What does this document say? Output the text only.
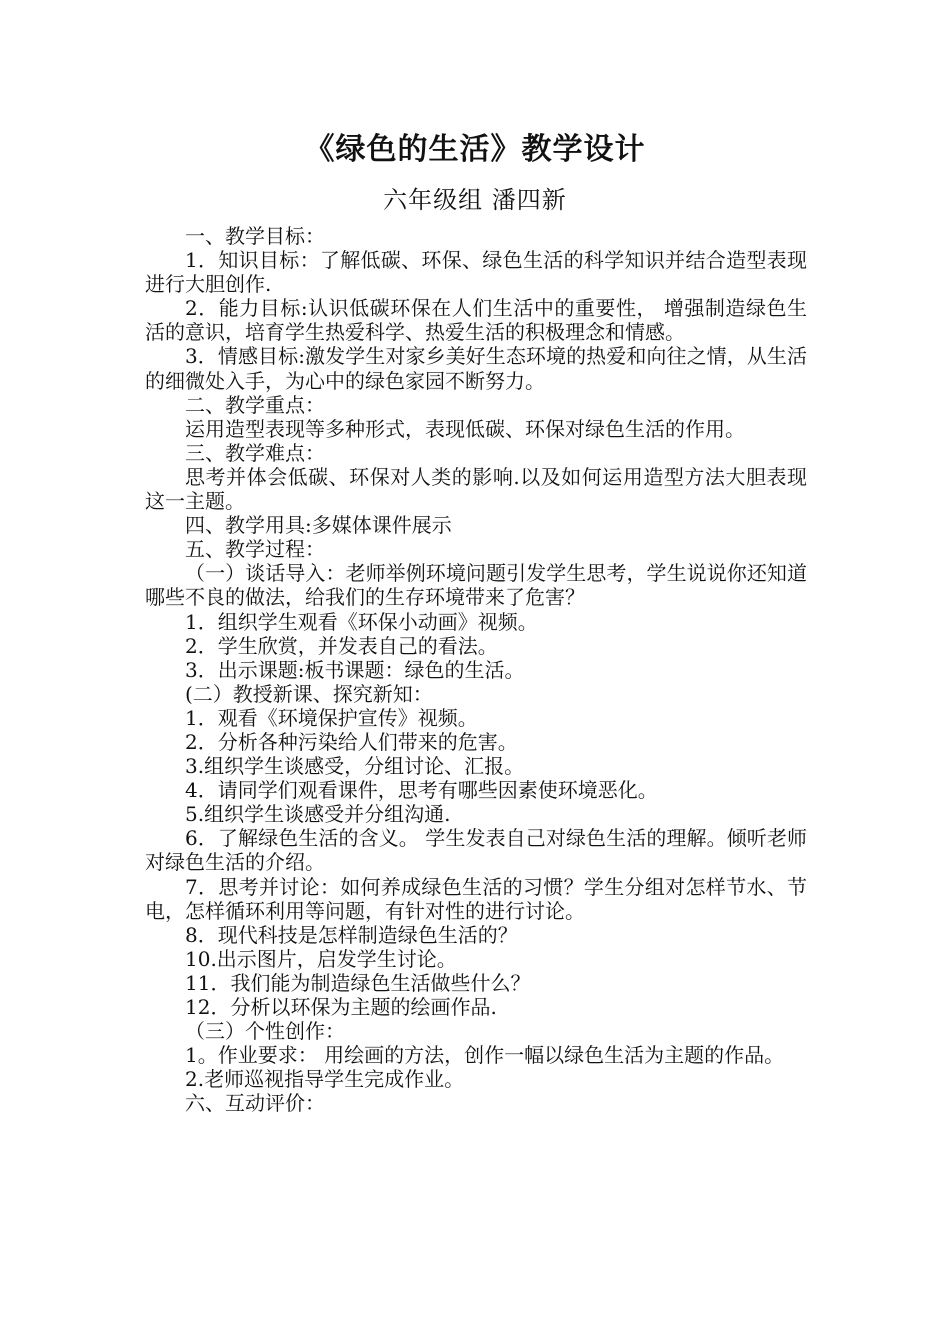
《绿色的生活》教学设计
六年级组 潘四新

一、教学目标：

1．知识目标：了解低碳、环保、绿色生活的科学知识并结合造型表现进行大胆创作.

2．能力目标:认识低碳环保在人们生活中的重要性， 增强制造绿色生活的意识，培育学生热爱科学、热爱生活的积极理念和情感。

3．情感目标:激发学生对家乡美好生态环境的热爱和向往之情，从生活的细微处入手，为心中的绿色家园不断努力。

二、教学重点：

运用造型表现等多种形式，表现低碳、环保对绿色生活的作用。

三、教学难点：

思考并体会低碳、环保对人类的影响.以及如何运用造型方法大胆表现这一主题。

四、教学用具:多媒体课件展示

五、教学过程：

（一）谈话导入：老师举例环境问题引发学生思考，学生说说你还知道哪些不良的做法，给我们的生存环境带来了危害？

1．组织学生观看《环保小动画》视频。

2．学生欣赏，并发表自己的看法。

3．出示课题:板书课题：绿色的生活。

(二）教授新课、探究新知：

1．观看《环境保护宣传》视频。

2．分析各种污染给人们带来的危害。

3.组织学生谈感受，分组讨论、汇报。

4．请同学们观看课件，思考有哪些因素使环境恶化。

5.组织学生谈感受并分组沟通.

6．了解绿色生活的含义。 学生发表自己对绿色生活的理解。倾听老师对绿色生活的介绍。

7．思考并讨论：如何养成绿色生活的习惯？学生分组对怎样节水、节电，怎样循环利用等问题，有针对性的进行讨论。

8．现代科技是怎样制造绿色生活的？

10.出示图片，启发学生讨论。

11．我们能为制造绿色生活做些什么？

12．分析以环保为主题的绘画作品.

（三）个性创作：

1。作业要求： 用绘画的方法，创作一幅以绿色生活为主题的作品。

2.老师巡视指导学生完成作业。

六、互动评价：
